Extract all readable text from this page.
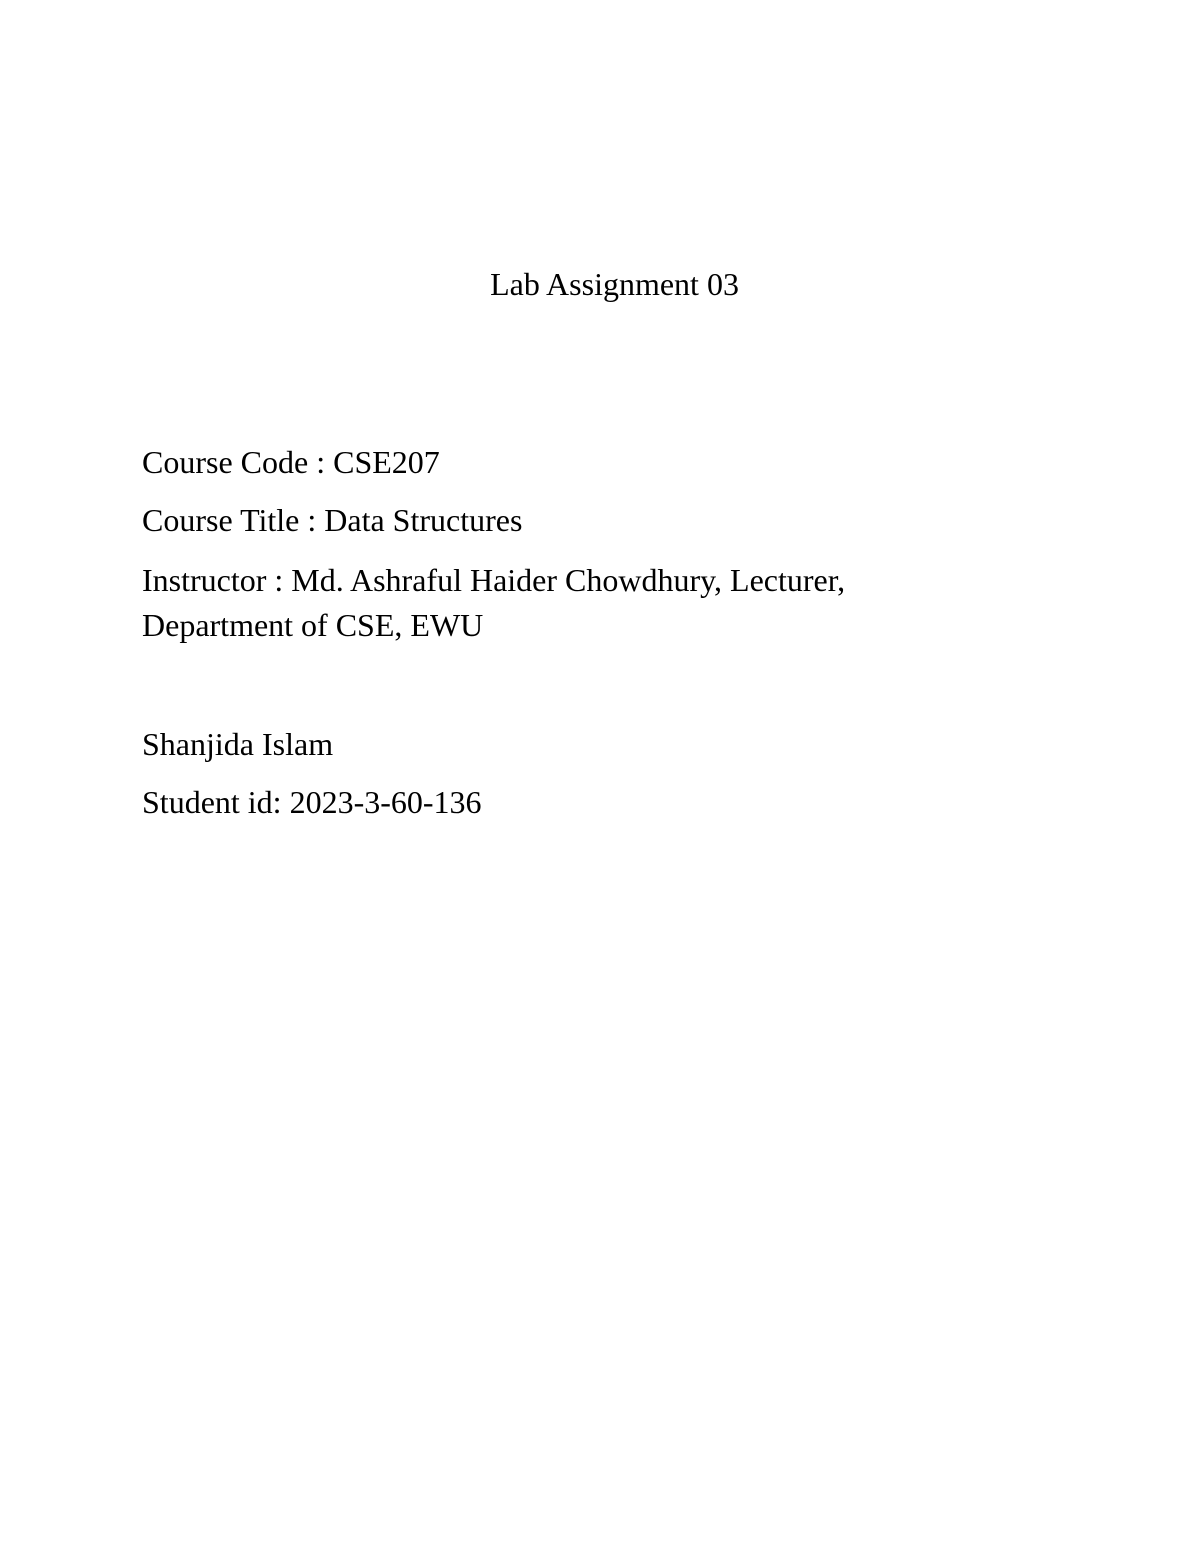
Lab Assignment 03
Course Code : CSE207
Course Title : Data Structures
Instructor : Md. Ashraful Haider Chowdhury, Lecturer,
Department of CSE, EWU
Shanjida Islam
Student id: 2023-3-60-136
